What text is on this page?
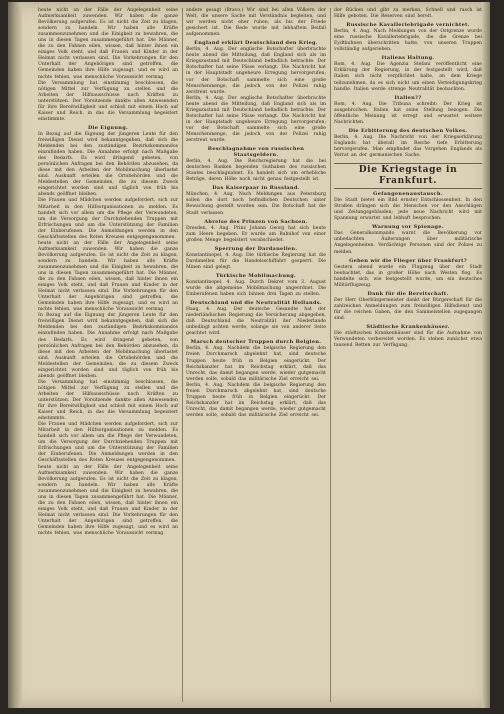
heute nicht an der Fälle der Angelegenheit seine Aufmerksamkeit zuwenden. Wir haben die ganze Bevölkerung aufgerufen. Es ist nicht die Zeit zu klagen, sondern zu handeln. Wir haben alle Kräfte zusammenzunehmen und die Einigkeit zu bewahren, die uns in diesen Tagen zusammengeführt hat. Die Männer, die zu den Fahnen eilen, wissen, daß hinter ihnen ein einiges Volk steht, und daß Frauen und Kinder in der Heimat nicht verlassen sind. Die Vorkehrungen für den Unterhalt der Angehörigen sind getroffen, die Gemeinden haben ihre Hilfe zugesagt, und es wird an nichts fehlen, was menschliche Voraussicht vermag.
Die Versammlung hat einstimmig beschlossen, die nötigen Mittel zur Verfügung zu stellen und die Arbeiten der Hilfsausschüsse nach Kräften zu unterstützen. Der Vorsitzende dankte allen Anwesenden für ihre Bereitwilligkeit und schloß mit einem Hoch auf Kaiser und Reich, in das die Versammlung begeistert einstimmte.
Die Eignung.
In Bezug auf die Eignung der jüngeren Leute für den freiwilligen Dienst wird bekanntgegeben, daß sich die Meldenden bei den zuständigen Bezirkskommandos einzufinden haben. Die Annahme erfolgt nach Maßgabe des Bedarfs. Es wird dringend gebeten, von persönlichen Anfragen bei den Behörden abzusehen, da diese mit den Arbeiten der Mobilmachung überlastet sind. Auskunft erteilen die Ortsbehörden und die Meldestellen der Gemeinden, die zu diesem Zweck eingerichtet worden sind und täglich von früh bis abends geöffnet bleiben.
Die Frauen und Mädchen werden aufgefordert, sich zur Mitarbeit in den Hilfsorganisationen zu melden. Es handelt sich vor allem um die Pflege der Verwundeten, um die Versorgung der Durchziehenden Truppen mit Erfrischungen und um die Unterstützung der Familien der Einberufenen. Die Anmeldungen werden in den Geschäftsstellen des Roten Kreuzes entgegengenommen.
heute nicht an der Fälle der Angelegenheit seine Aufmerksamkeit zuwenden. Wir haben die ganze Bevölkerung aufgerufen. Es ist nicht die Zeit zu klagen, sondern zu handeln. Wir haben alle Kräfte zusammenzunehmen und die Einigkeit zu bewahren, die uns in diesen Tagen zusammengeführt hat. Die Männer, die zu den Fahnen eilen, wissen, daß hinter ihnen ein einiges Volk steht, und daß Frauen und Kinder in der Heimat nicht verlassen sind. Die Vorkehrungen für den Unterhalt der Angehörigen sind getroffen, die Gemeinden haben ihre Hilfe zugesagt, und es wird an nichts fehlen, was menschliche Voraussicht vermag.
In Bezug auf die Eignung der jüngeren Leute für den freiwilligen Dienst wird bekanntgegeben, daß sich die Meldenden bei den zuständigen Bezirkskommandos einzufinden haben. Die Annahme erfolgt nach Maßgabe des Bedarfs. Es wird dringend gebeten, von persönlichen Anfragen bei den Behörden abzusehen, da diese mit den Arbeiten der Mobilmachung überlastet sind. Auskunft erteilen die Ortsbehörden und die Meldestellen der Gemeinden, die zu diesem Zweck eingerichtet worden sind und täglich von früh bis abends geöffnet bleiben.
Die Versammlung hat einstimmig beschlossen, die nötigen Mittel zur Verfügung zu stellen und die Arbeiten der Hilfsausschüsse nach Kräften zu unterstützen. Der Vorsitzende dankte allen Anwesenden für ihre Bereitwilligkeit und schloß mit einem Hoch auf Kaiser und Reich, in das die Versammlung begeistert einstimmte.
Die Frauen und Mädchen werden aufgefordert, sich zur Mitarbeit in den Hilfsorganisationen zu melden. Es handelt sich vor allem um die Pflege der Verwundeten, um die Versorgung der Durchziehenden Truppen mit Erfrischungen und um die Unterstützung der Familien der Einberufenen. Die Anmeldungen werden in den Geschäftsstellen des Roten Kreuzes entgegengenommen.
heute nicht an der Fälle der Angelegenheit seine Aufmerksamkeit zuwenden. Wir haben die ganze Bevölkerung aufgerufen. Es ist nicht die Zeit zu klagen, sondern zu handeln. Wir haben alle Kräfte zusammenzunehmen und die Einigkeit zu bewahren, die uns in diesen Tagen zusammengeführt hat. Die Männer, die zu den Fahnen eilen, wissen, daß hinter ihnen ein einiges Volk steht, und daß Frauen und Kinder in der Heimat nicht verlassen sind. Die Vorkehrungen für den Unterhalt der Angehörigen sind getroffen, die Gemeinden haben ihre Hilfe zugesagt, und es wird an nichts fehlen, was menschliche Voraussicht vermag.
andere gesagt (Bravo.) Wir sind bei allen Völkern der Welt, die unsere Sache mit Verständnis begleiten, und wir werden nicht eher ruhen, als bis der Friede gesichert ist. Die Rede wurde mit lebhaftem Beifall aufgenommen.
England erklärt Deutschland den Krieg.
Berlin, 4. Aug. Der englische Botschafter überbrachte heute abend die Mitteilung, daß England sich als im Kriegszustand mit Deutschland befindlich betrachte. Der Botschafter hat seine Pässe verlangt. Die Nachricht hat in der Hauptstadt ungeheure Erregung hervorgerufen; vor der Botschaft sammelte sich eine große Menschenmenge, die jedoch von der Polizei ruhig zerstreut wurde.
Berlin, 4. Aug. Der englische Botschafter überbrachte heute abend die Mitteilung, daß England sich als im Kriegszustand mit Deutschland befindlich betrachte. Der Botschafter hat seine Pässe verlangt. Die Nachricht hat in der Hauptstadt ungeheure Erregung hervorgerufen; vor der Botschaft sammelte sich eine große Menschenmenge, die jedoch von der Polizei ruhig zerstreut wurde.
Beschlagnahme von russischen Staatsgeldern.
Berlin, 4. Aug. Die Reichsregierung hat die bei deutschen Banken liegenden Guthaben des russischen Staates beschlagnahmt. Es handelt sich um erhebliche Beträge, deren Höhe noch nicht genau festgestellt ist.
Das Kaiserpaar in Russland.
München, 4. Aug. Nach Meldungen aus Petersburg sollen die dort noch befindlichen Deutschen unter Bewachung gestellt worden sein. Die Botschaft hat die Stadt verlassen.
Abreise des Prinzen von Sachsen.
Dresden, 4. Aug. Prinz Johann Georg hat sich heute zum Heere begeben. Er wurde am Bahnhof von einer großen Menge begeistert verabschiedet.
Sperrung der Dardanellen.
Konstantinopel, 4. Aug. Die türkische Regierung hat die Dardanellen für die Handelsschiffahrt gesperrt. Die Minen sind gelegt.
Türkische Mobilmachung.
Konstantinopel, 4. Aug. Durch Dekret vom 3. August wurde die allgemeine Mobilmachung angeordnet. Die Einberufenen haben sich binnen drei Tagen zu stellen.
Deutschland und die Neutralität Hollands.
Haag, 4. Aug. Der deutsche Gesandte hat der niederländischen Regierung die Versicherung abgegeben, daß Deutschland die Neutralität der Niederlande unbedingt achten werde, solange sie von anderer Seite geachtet wird.
Marsch deutscher Truppen durch Belgien.
Berlin, 4. Aug. Nachdem die belgische Regierung den freien Durchmarsch abgelehnt hat, sind deutsche Truppen heute früh in Belgien eingerückt. Der Reichskanzler hat im Reichstag erklärt, daß das Unrecht, das damit begangen werde, wieder gutgemacht werden solle, sobald das militärische Ziel erreicht sei.
Berlin, 4. Aug. Nachdem die belgische Regierung den freien Durchmarsch abgelehnt hat, sind deutsche Truppen heute früh in Belgien eingerückt. Der Reichskanzler hat im Reichstag erklärt, daß das Unrecht, das damit begangen werde, wieder gutgemacht werden solle, sobald das militärische Ziel erreicht sei.
der Rücken und gibt zu merken, Schnell und rasch ist Hilfe geboten. Die Reserven sind bereit.
Russische Kavalleriebrigade vernichtet.
Berlin, 4. Aug. Nach Meldungen von der Ostgrenze wurde eine russische Kavalleriebrigade, die die Grenze bei Eydtkuhnen überschritten hatte, von unseren Truppen vollständig aufgerieben.
Italiens Haltung.
Rom, 4. Aug. Die Agenzia Stefani veröffentlicht eine Erklärung der Regierung, in der festgestellt wird, daß Italien sich nicht verpflichtet halte, an dem Kriege teilzunehmen, da es sich nicht um einen Verteidigungskrieg handle. Italien werde strenge Neutralität beobachten.
Italien??
Rom, 4. Aug. Die Tribuna schreibt: Der Krieg ist ausgebrochen. Italien hat seine Stellung bezogen. Die öffentliche Meinung ist erregt und erwartet weitere Nachrichten.
Die Erbitterung des deutschen Volkes.
Berlin, 4. Aug. Die Nachricht von der Kriegserklärung Englands hat überall im Reiche tiefe Erbitterung hervorgerufen. Man empfindet das Vorgehen Englands als Verrat an der germanischen Sache.
Die Kriegstage in Frankfurt.
Gefangenenaustausch.
Die Stadt bietet ein Bild ernster Entschlossenheit. In den Straßen drängen sich die Menschen vor den Anschlägen und Zeitungsgebäuden; jede neue Nachricht wird mit Spannung erwartet und lebhaft besprochen.
Warnung vor Spionage.
Das Generalkommando warnt die Bevölkerung vor unbedachten Äußerungen über militärische Angelegenheiten. Verdächtige Personen sind der Polizei zu melden.
Geben wir die Flieger über Frankfurt?
Gestern abend wurde ein Flugzeug über der Stadt beobachtet, das in großer Höhe nach Westen flog. Es handelte sich, wie festgestellt wurde, um ein deutsches Militärflugzeug.
Dank für die Bereitschaft.
Der Herr Oberbürgermeister dankt der Bürgerschaft für die zahlreichen Anmeldungen zum freiwilligen Hilfsdienst und für die reichen Gaben, die den Sammelstellen zugegangen sind.
Städtische Krankenhäuser.
Die städtischen Krankenhäuser sind für die Aufnahme von Verwundeten vorbereitet worden. Es stehen zunächst etwa tausend Betten zur Verfügung.
